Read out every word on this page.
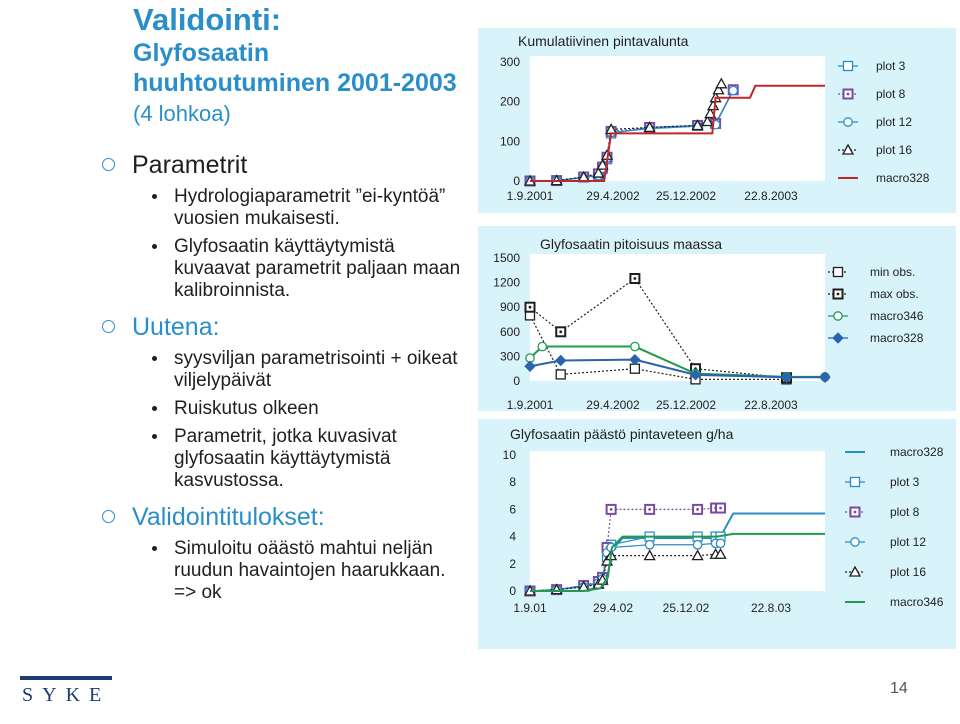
Validointi:
Glyfosaatin huuhtoutuminen 2001-2003 (4 lohkoa)
Parametrit
Hydrologiaparametrit ”ei-kyntöä” vuosien mukaisesti.
Glyfosaatin käyttäytymistä kuvaavat parametrit paljaan maan kalibroinnista.
Uutena:
syysviljan parametrisointi + oikeat viljelypäivät
Ruiskutus olkeen
Parametrit, jotka kuvasivat glyfosaatin käyttäytymistä kasvustossa.
Validointitulokset:
Simuloitu oäästö mahtui neljän ruudun havaintojen haarukkaan. => ok
Kumulatiivinen pintavalunta
0
100
200
300
1.9.2001	29.4.2002 25.12.2002 22.8.2003
plot 3
plot 8
plot 12
plot 16
macro328
Glyfosaatin pitoisuus maassa
0
300
600
900
1200
1500
1.9.2001	29.4.2002 25.12.2002 22.8.2003
min obs.
max obs.
macro346
macro328
Glyfosaatin päästö pintaveteen g/ha
0
2
4
6
8
10
1.9.01	29.4.02 25.12.02	22.8.03
macro328
plot 3
plot 8
plot 12
plot 16
macro346
SYKE	14
